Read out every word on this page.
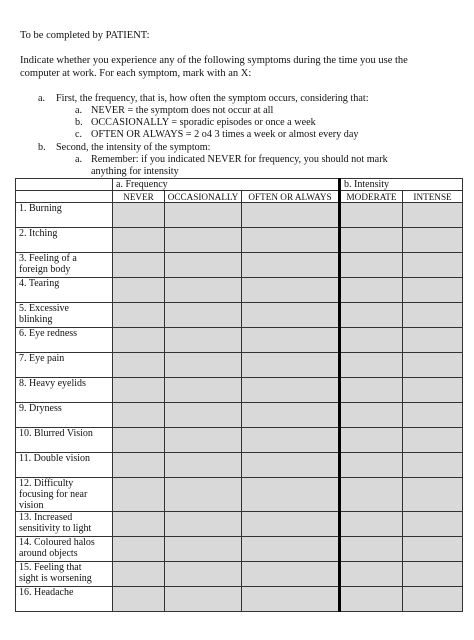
To be completed by PATIENT:
Indicate whether you experience any of the following symptoms during the time you use the
computer at work. For each symptom, mark with an X:
a. First, the frequency, that is, how often the symptom occurs, considering that:
a. NEVER = the symptom does not occur at all
b. OCCASIONALLY = sporadic episodes or once a week
c. OFTEN OR ALWAYS = 2 o4 3 times a week or almost every day
b. Second, the intensity of the symptom:
a. Remember: if you indicated NEVER for frequency, you should not mark
anything for intensity
	a. Frequency			b. Intensity	
	NEVER	OCCASIONALLY	OFTEN OR ALWAYS	MODERATE	INTENSE

1. Burning					

2. Itching					

3. Feeling of a
foreign body					

4. Tearing					

5. Excessive
blinking					

6. Eye redness					

7. Eye pain					

8. Heavy eyelids					

9. Dryness					

10. Blurred Vision					

11. Double vision					

12. Difficulty
focusing for near
vision					

13. Increased
sensitivity to light					

14. Coloured halos
around objects					

15. Feeling that
sight is worsening					

16. Headache					
